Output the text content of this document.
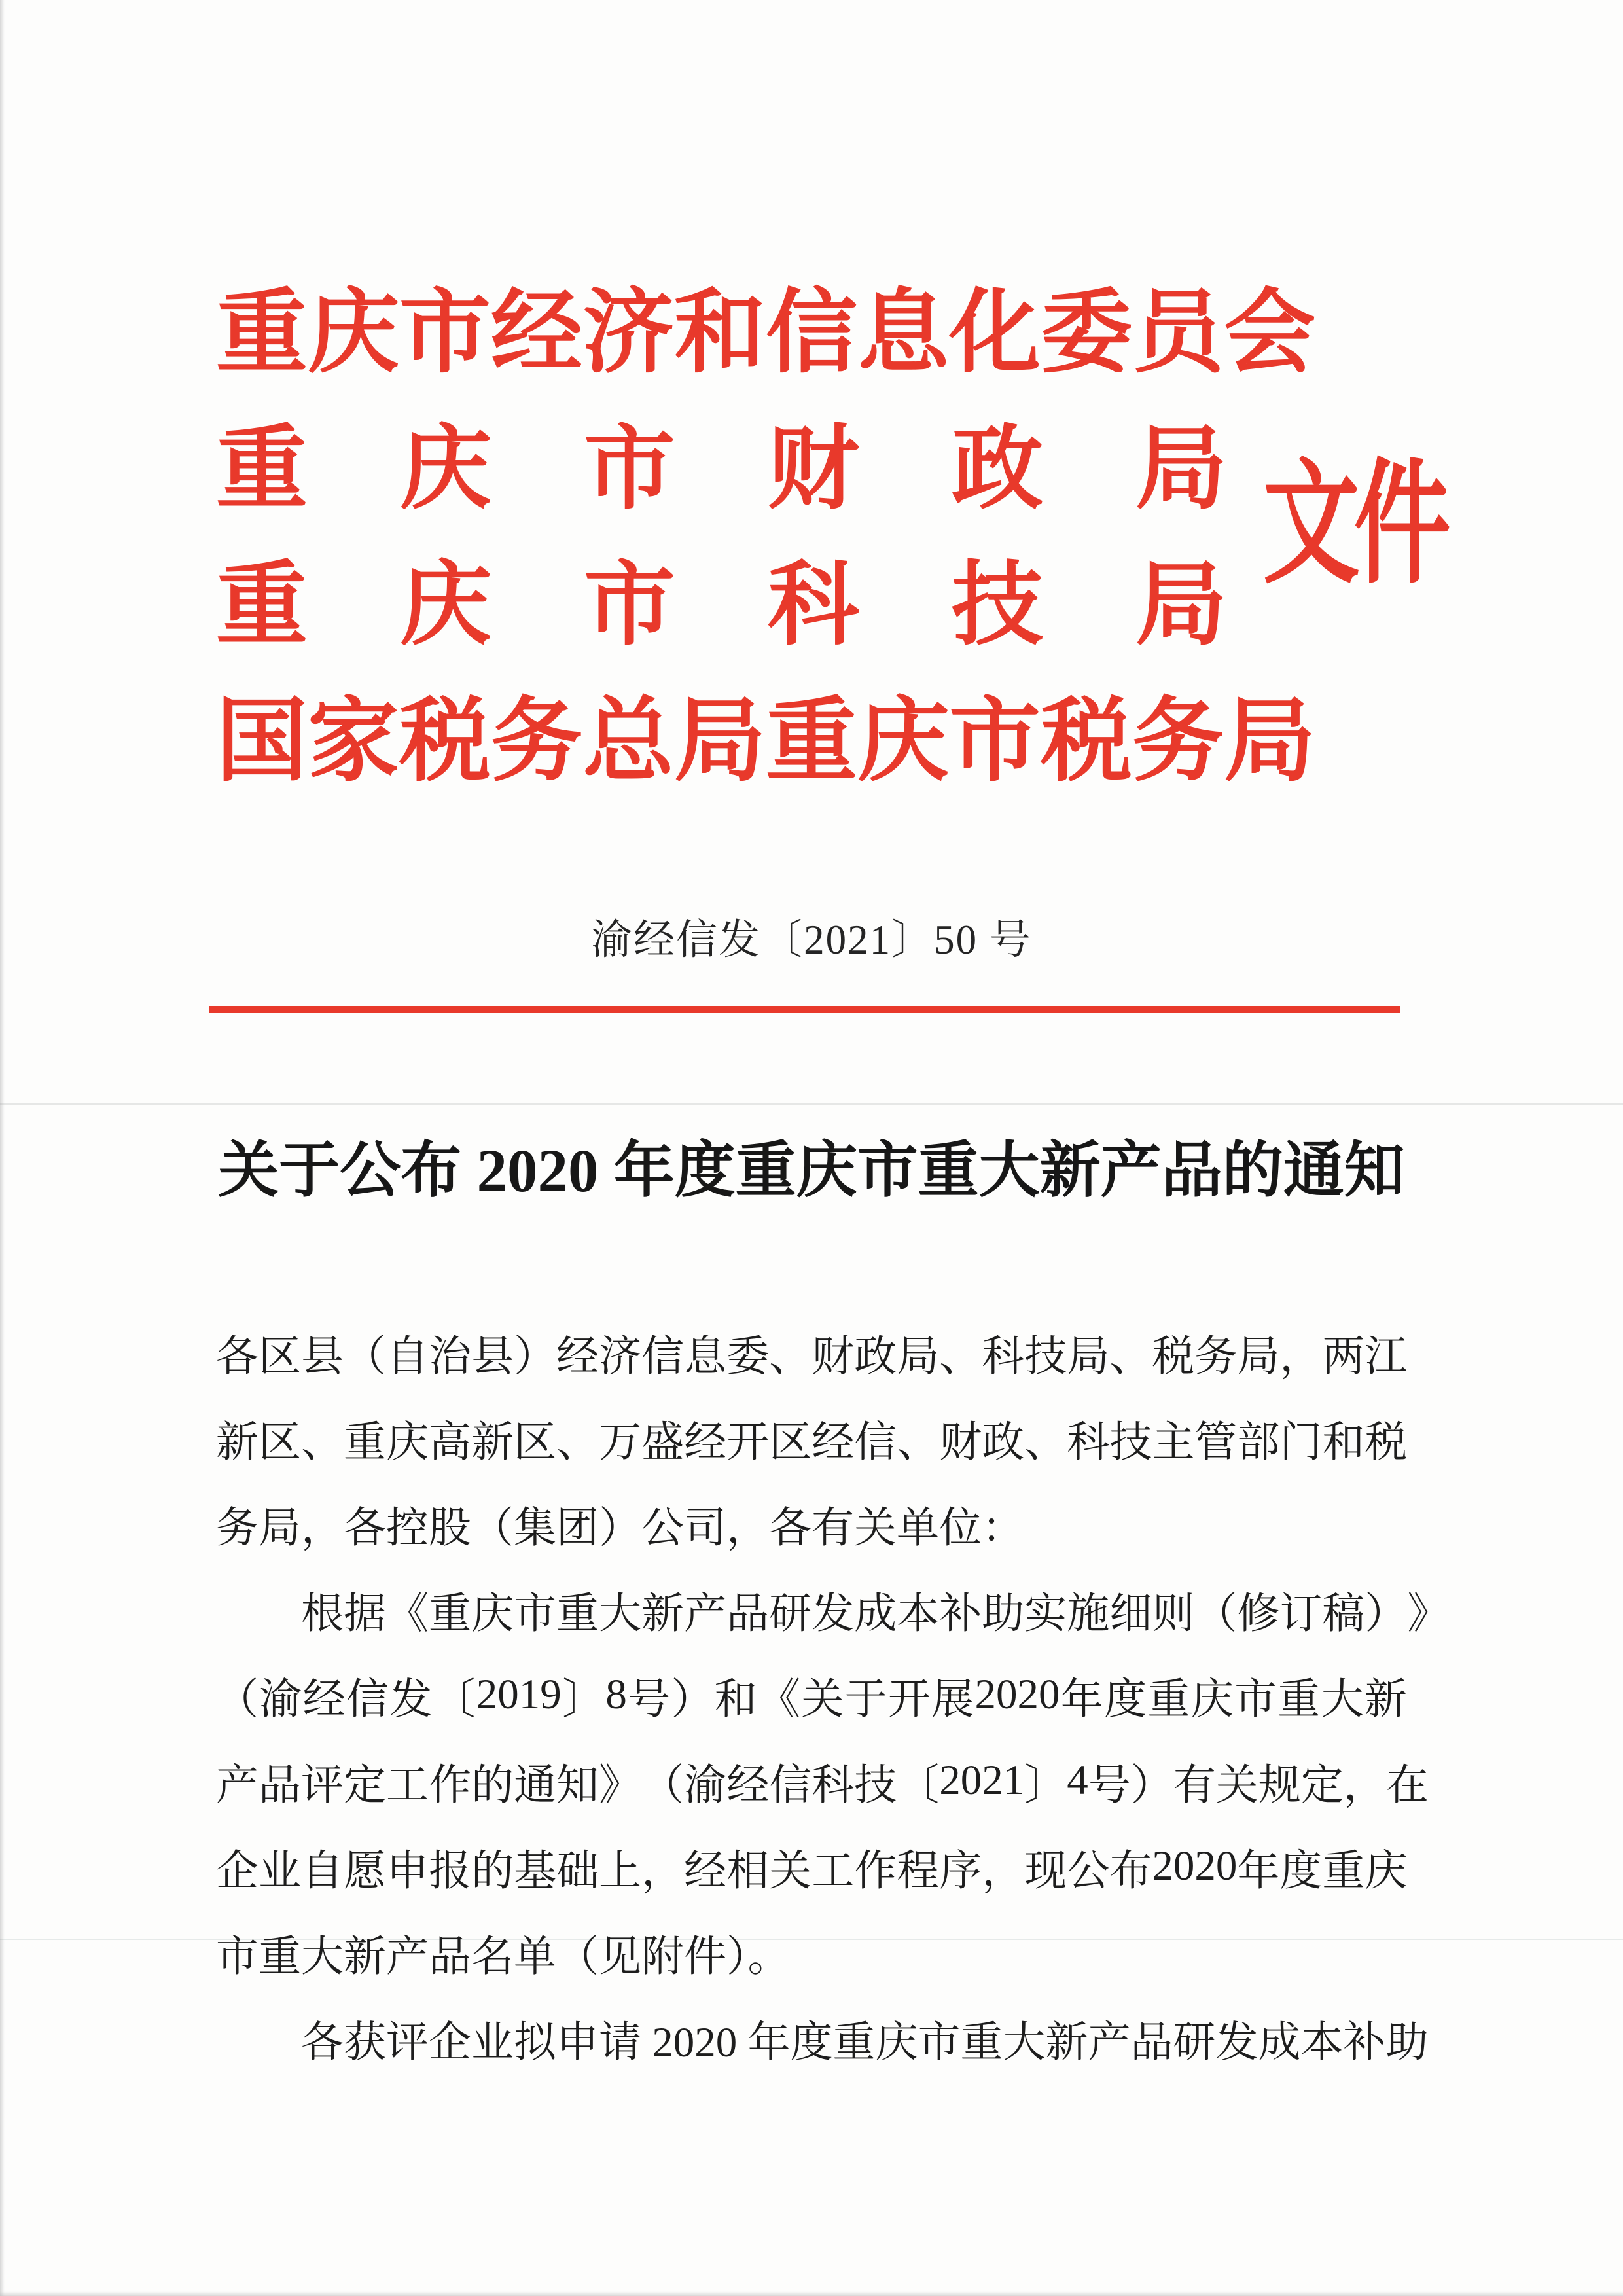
重 庆 市 经 济 和 信 息 化 委 员 会
重 庆 市 财 政 局
重 庆 市 科 技 局
国 家 税 务 总 局 重 庆 市 税 务 局
文件
渝经信发〔2021〕50 号
关于公布 2020 年度重庆市重大新产品的通知

各 区 县 （ 自 治 县 ） 经 济 信 息 委 、 财 政 局 、 科 技 局 、 税 务 局 ， 两 江

新 区 、 重 庆 高 新 区 、 万 盛 经 开 区 经 信 、 财 政 、 科 技 主 管 部 门 和 税

务局，各控股（集团）公司，各有关单位：

根 据 《 重 庆 市 重 大 新 产 品 研 发 成 本 补 助 实 施 细 则 （ 修 订 稿 ） 》

（ 渝 经 信 发 〔 2019 〕 8 号 ） 和 《 关 于 开 展 2020 年 度 重 庆 市 重 大 新

产 品 评 定 工 作 的 通 知 》 （ 渝 经 信 科 技 〔 2021 〕 4 号 ） 有 关 规 定 ， 在

企 业 自 愿 申 报 的 基 础 上 ， 经 相 关 工 作 程 序 ， 现 公 布 2020 年 度 重 庆

市重大新产品名单（见附件）。

各获评企业拟申请 2020 年度重庆市重大新产品研发成本补助
